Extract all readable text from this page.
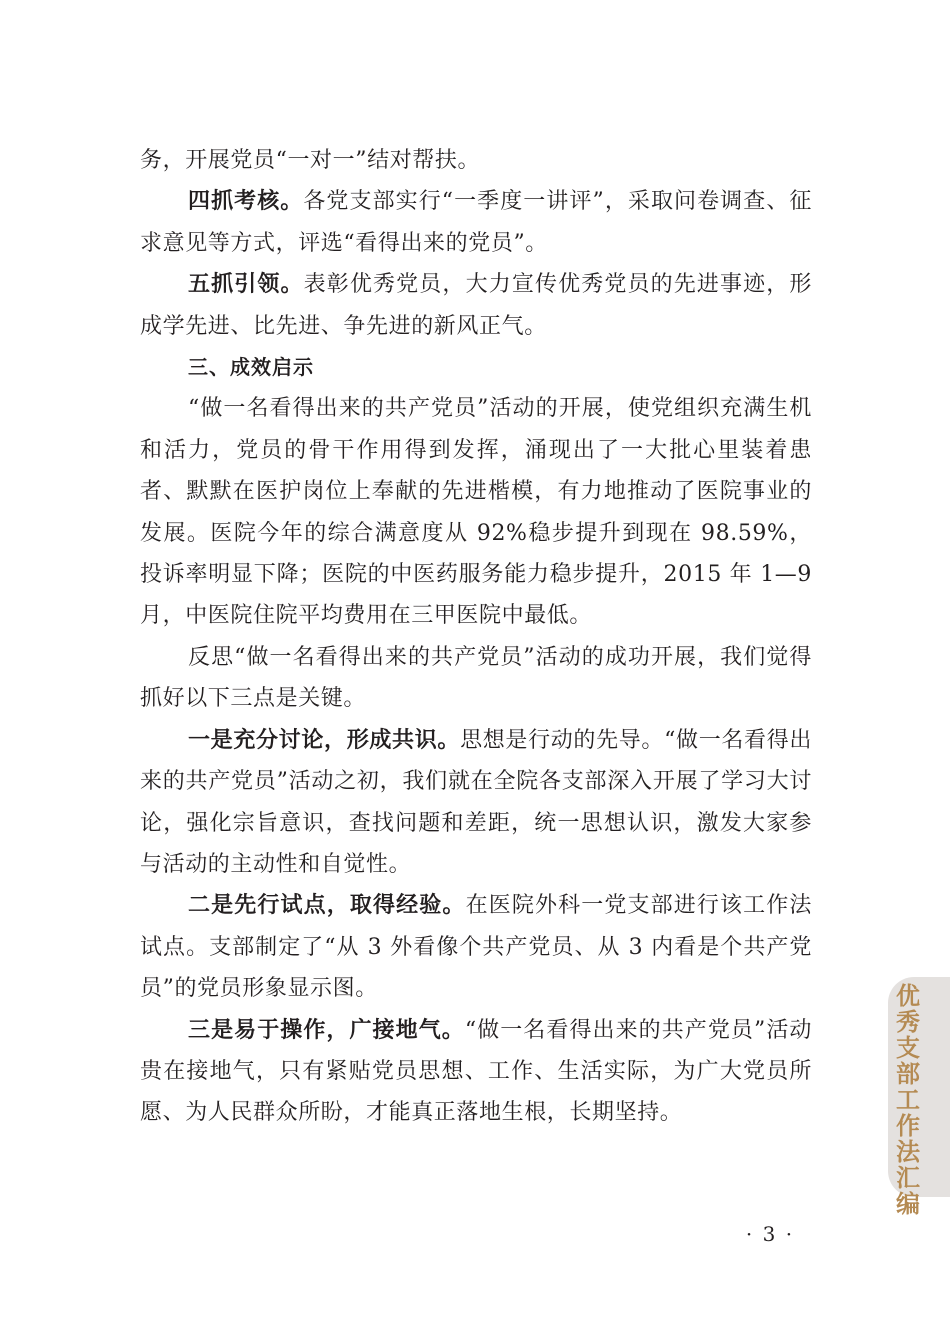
务，开展党员“一对一”结对帮扶。

四抓考核。各党支部实行“一季度一讲评”，采取问卷调查、征求意见等方式，评选“看得出来的党员”。

五抓引领。表彰优秀党员，大力宣传优秀党员的先进事迹，形成学先进、比先进、争先进的新风正气。

三、成效启示

“做一名看得出来的共产党员”活动的开展，使党组织充满生机和活力，党员的骨干作用得到发挥，涌现出了一大批心里装着患者、默默在医护岗位上奉献的先进楷模，有力地推动了医院事业的发展。医院今年的综合满意度从 92%稳步提升到现在 98.59%，投诉率明显下降；医院的中医药服务能力稳步提升，2015 年 1—9 月，中医院住院平均费用在三甲医院中最低。

反思“做一名看得出来的共产党员”活动的成功开展，我们觉得抓好以下三点是关键。

一是充分讨论，形成共识。思想是行动的先导。“做一名看得出来的共产党员”活动之初，我们就在全院各支部深入开展了学习大讨论，强化宗旨意识，查找问题和差距，统一思想认识，激发大家参与活动的主动性和自觉性。

二是先行试点，取得经验。在医院外科一党支部进行该工作法试点。支部制定了“从 3 外看像个共产党员、从 3 内看是个共产党员”的党员形象显示图。

三是易于操作，广接地气。“做一名看得出来的共产党员”活动贵在接地气，只有紧贴党员思想、工作、生活实际，为广大党员所愿、为人民群众所盼，才能真正落地生根，长期坚持。

优秀支部工作法汇编
· 3 ·
